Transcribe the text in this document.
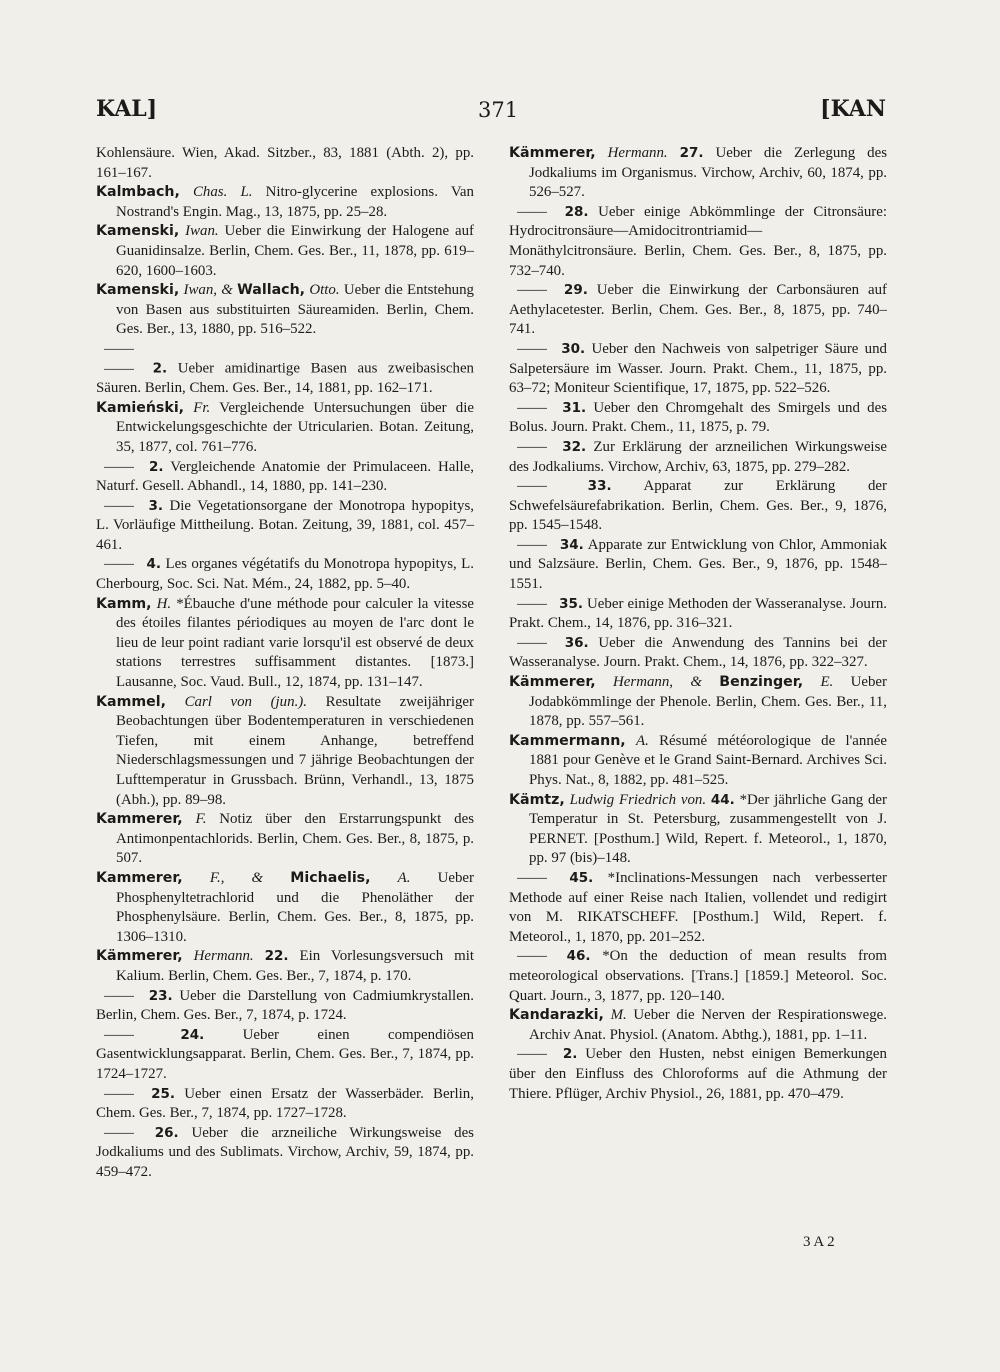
KAL]	371	[KAN

Kohlensäure. Wien, Akad. Sitzber., 83, 1881 (Abth. 2), pp. 161–167.

Kalmbach, Chas. L. Nitro-glycerine explosions. Van Nostrand's Engin. Mag., 13, 1875, pp. 25–28.

Kamenski, Iwan. Ueber die Einwirkung der Halogene auf Guanidinsalze. Berlin, Chem. Ges. Ber., 11, 1878, pp. 619–620, 1600–1603.

Kamenski, Iwan, & Wallach, Otto. Ueber die Entstehung von Basen aus substituirten Säureamiden. Berlin, Chem. Ges. Ber., 13, 1880, pp. 516–522.

—— —— 2. Ueber amidinartige Basen aus zweibasischen Säuren. Berlin, Chem. Ges. Ber., 14, 1881, pp. 162–171.

Kamieński, Fr. Vergleichende Untersuchungen über die Entwickelungsgeschichte der Utricularien. Botan. Zeitung, 35, 1877, col. 761–776.

—— 2. Vergleichende Anatomie der Primulaceen. Halle, Naturf. Gesell. Abhandl., 14, 1880, pp. 141–230.

—— 3. Die Vegetationsorgane der Monotropa hypopitys, L. Vorläufige Mittheilung. Botan. Zeitung, 39, 1881, col. 457–461.

—— 4. Les organes végétatifs du Monotropa hypopitys, L. Cherbourg, Soc. Sci. Nat. Mém., 24, 1882, pp. 5–40.

Kamm, H. *Ébauche d'une méthode pour calculer la vitesse des étoiles filantes périodiques au moyen de l'arc dont le lieu de leur point radiant varie lorsqu'il est observé de deux stations terrestres suffisamment distantes. [1873.] Lausanne, Soc. Vaud. Bull., 12, 1874, pp. 131–147.

Kammel, Carl von (jun.). Resultate zweijähriger Beobachtungen über Bodentemperaturen in verschiedenen Tiefen, mit einem Anhange, betreffend Niederschlagsmessungen und 7 jährige Beobachtungen der Lufttemperatur in Grussbach. Brünn, Verhandl., 13, 1875 (Abh.), pp. 89–98.

Kammerer, F. Notiz über den Erstarrungspunkt des Antimonpentachlorids. Berlin, Chem. Ges. Ber., 8, 1875, p. 507.

Kammerer, F., & Michaelis, A. Ueber Phosphenyltetrachlorid und die Phenoläther der Phosphenylsäure. Berlin, Chem. Ges. Ber., 8, 1875, pp. 1306–1310.

Kämmerer, Hermann. 22. Ein Vorlesungsversuch mit Kalium. Berlin, Chem. Ges. Ber., 7, 1874, p. 170.

—— 23. Ueber die Darstellung von Cadmiumkrystallen. Berlin, Chem. Ges. Ber., 7, 1874, p. 1724.

——	24.	Ueber einen compendiösen Gasentwicklungsapparat. Berlin, Chem. Ges. Ber., 7, 1874, pp. 1724–1727.

—— 25. Ueber einen Ersatz der Wasserbäder. Berlin, Chem. Ges. Ber., 7, 1874, pp. 1727–1728.

—— 26. Ueber die arzneiliche Wirkungsweise des Jodkaliums und des Sublimats. Virchow, Archiv, 59, 1874, pp. 459–472.

Kämmerer, Hermann. 27. Ueber die Zerlegung des Jodkaliums im Organismus. Virchow, Archiv, 60, 1874, pp. 526–527.

—— 28. Ueber einige Abkömmlinge der Citronsäure: Hydrocitronsäure—Amidocitrontriamid—Monäthylcitronsäure. Berlin, Chem. Ges. Ber., 8, 1875, pp. 732–740.

—— 29. Ueber die Einwirkung der Carbonsäuren auf Aethylacetester. Berlin, Chem. Ges. Ber., 8, 1875, pp. 740–741.

—— 30. Ueber den Nachweis von salpetriger Säure und Salpetersäure im Wasser. Journ. Prakt. Chem., 11, 1875, pp. 63–72; Moniteur Scientifique, 17, 1875, pp. 522–526.

—— 31. Ueber den Chromgehalt des Smirgels und des Bolus. Journ. Prakt. Chem., 11, 1875, p. 79.

—— 32. Zur Erklärung der arzneilichen Wirkungsweise des Jodkaliums. Virchow, Archiv, 63, 1875, pp. 279–282.

——	33. Apparat zur Erklärung der Schwefelsäurefabrikation. Berlin, Chem. Ges. Ber., 9, 1876, pp. 1545–1548.

—— 34. Apparate zur Entwicklung von Chlor, Ammoniak und Salzsäure. Berlin, Chem. Ges. Ber., 9, 1876, pp. 1548–1551.

—— 35. Ueber einige Methoden der Wasseranalyse. Journ. Prakt. Chem., 14, 1876, pp. 316–321.

—— 36. Ueber die Anwendung des Tannins bei der Wasseranalyse. Journ. Prakt. Chem., 14, 1876, pp. 322–327.

Kämmerer, Hermann, & Benzinger, E. Ueber Jodabkömmlinge der Phenole. Berlin, Chem. Ges. Ber., 11, 1878, pp. 557–561.

Kammermann, A. Résumé météorologique de l'année 1881 pour Genève et le Grand Saint-Bernard. Archives Sci. Phys. Nat., 8, 1882, pp. 481–525.

Kämtz, Ludwig Friedrich von. 44. *Der jährliche Gang der Temperatur in St. Petersburg, zusammengestellt von J. PERNET. [Posthum.] Wild, Repert. f. Meteorol., 1, 1870, pp. 97 (bis)–148.

—— 45. *Inclinations-Messungen nach verbesserter Methode auf einer Reise nach Italien, vollendet und redigirt von M. RIKATSCHEFF. [Posthum.] Wild, Repert. f. Meteorol., 1, 1870, pp. 201–252.

—— 46. *On the deduction of mean results from meteorological observations. [Trans.] [1859.] Meteorol. Soc. Quart. Journ., 3, 1877, pp. 120–140.

Kandarazki, M. Ueber die Nerven der Respirationswege. Archiv Anat. Physiol. (Anatom. Abthg.), 1881, pp. 1–11.

—— 2. Ueber den Husten, nebst einigen Bemerkungen über den Einfluss des Chloroforms auf die Athmung der Thiere. Pflüger, Archiv Physiol., 26, 1881, pp. 470–479.

3 A 2
